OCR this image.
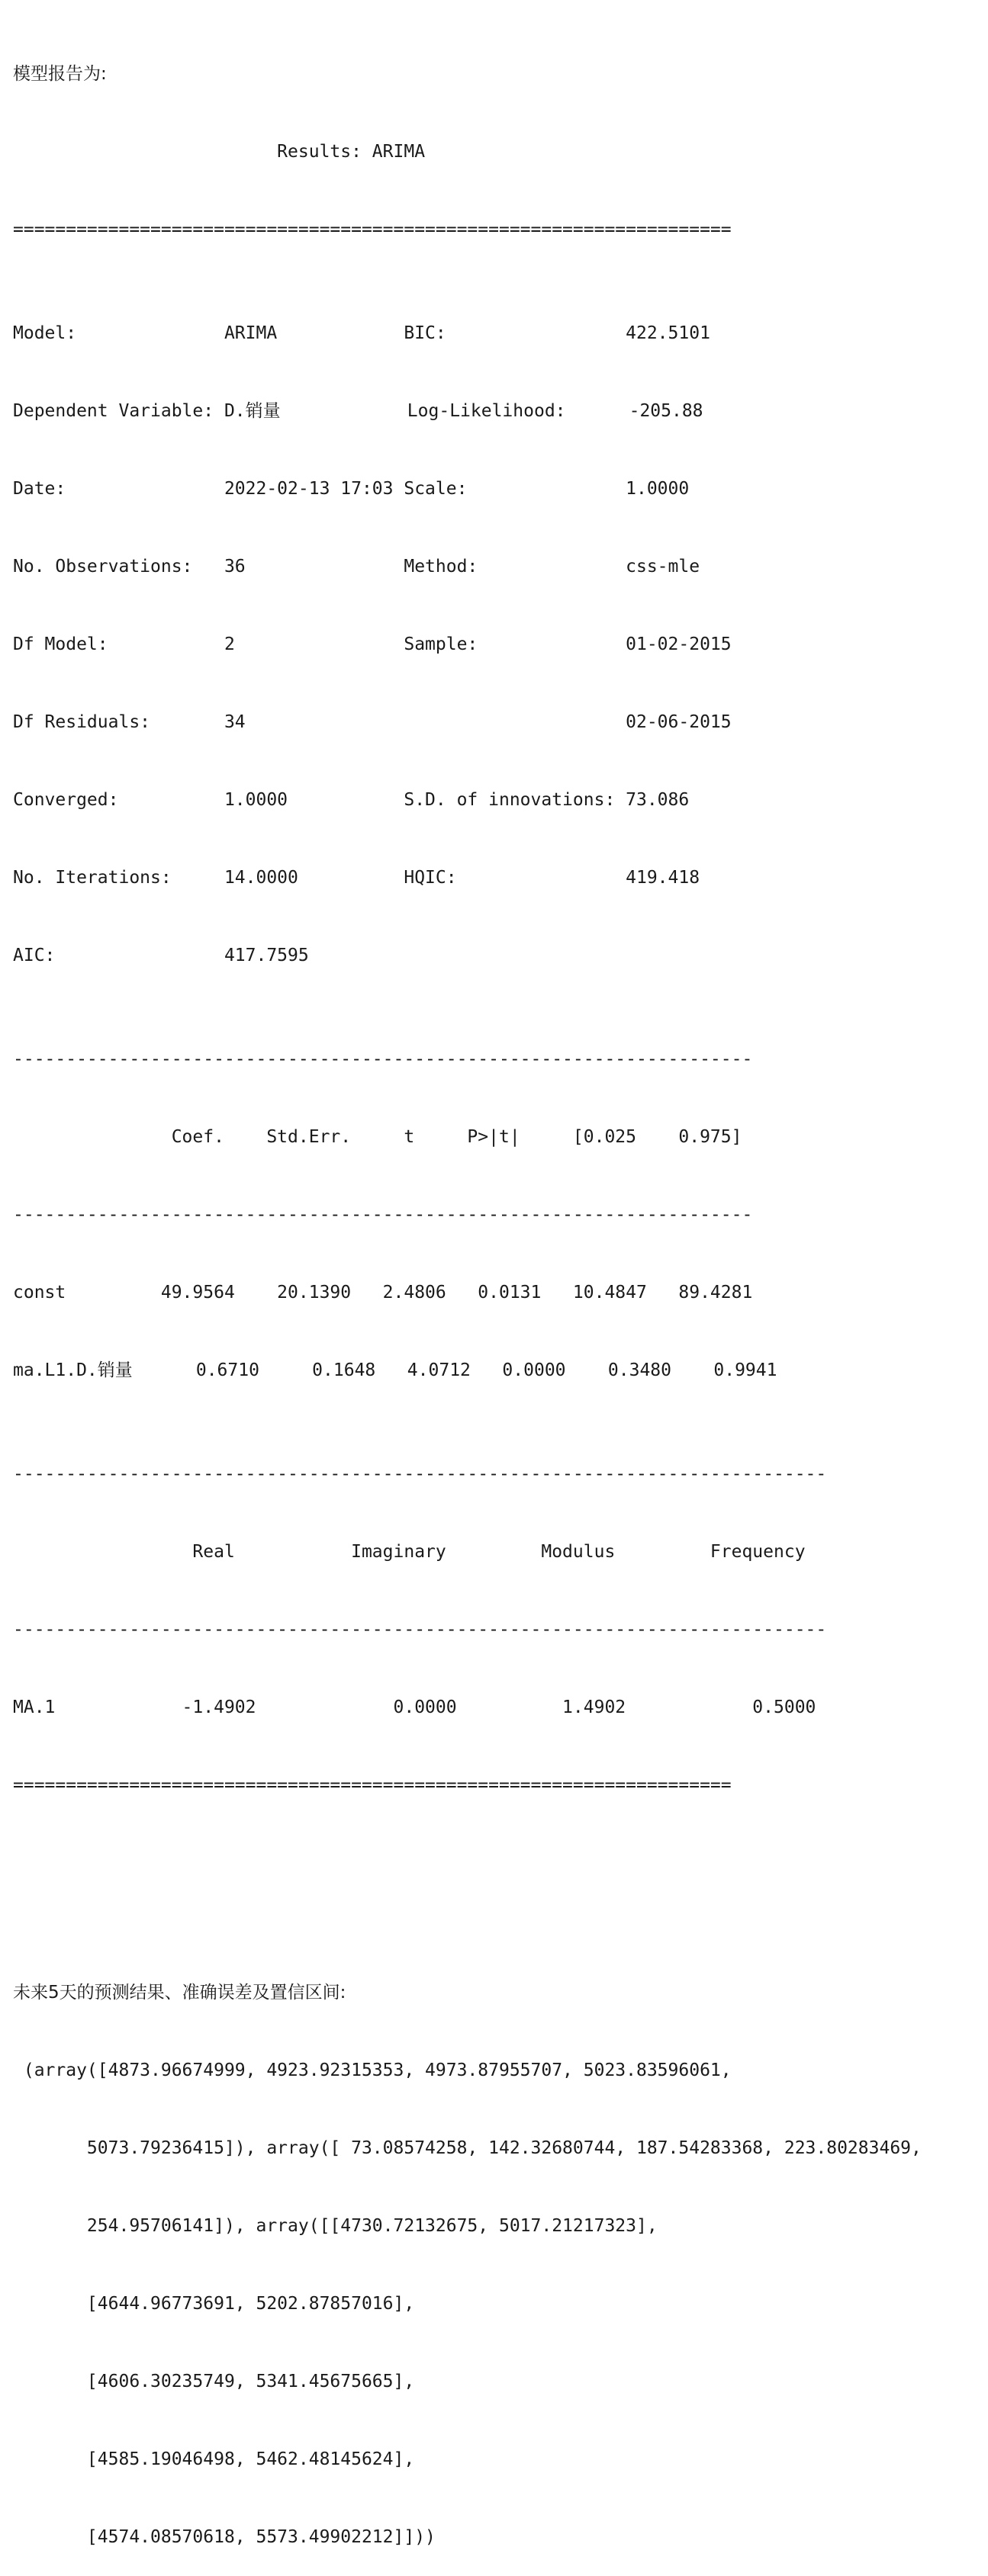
模型报告为:

Results: ARIMA

====================================================================

Model:              ARIMA            BIC:                 422.5101

Dependent Variable: D.销量            Log-Likelihood:      -205.88

Date:               2022-02-13 17:03 Scale:               1.0000

No. Observations:   36               Method:              css-mle

Df Model:           2                Sample:              01-02-2015

Df Residuals:       34                                    02-06-2015

Converged:          1.0000           S.D. of innovations: 73.086

No. Iterations:     14.0000          HQIC:                419.418

AIC:                417.7595

----------------------------------------------------------------------

Coef.    Std.Err.     t     P>|t|     [0.025    0.975]

----------------------------------------------------------------------

const         49.9564    20.1390   2.4806   0.0131   10.4847   89.4281

ma.L1.D.销量      0.6710     0.1648   4.0712   0.0000    0.3480    0.9941

-----------------------------------------------------------------------------

Real           Imaginary         Modulus         Frequency

-----------------------------------------------------------------------------

MA.1            -1.4902             0.0000          1.4902            0.5000

====================================================================

未来5天的预测结果、准确误差及置信区间:

(array([4873.96674999, 4923.92315353, 4973.87955707, 5023.83596061,

5073.79236415]), array([ 73.08574258, 142.32680744, 187.54283368, 223.80283469,

254.95706141]), array([[4730.72132675, 5017.21217323],

[4644.96773691, 5202.87857016],

[4606.30235749, 5341.45675665],

[4585.19046498, 5462.48145624],

[4574.08570618, 5573.49902212]]))
